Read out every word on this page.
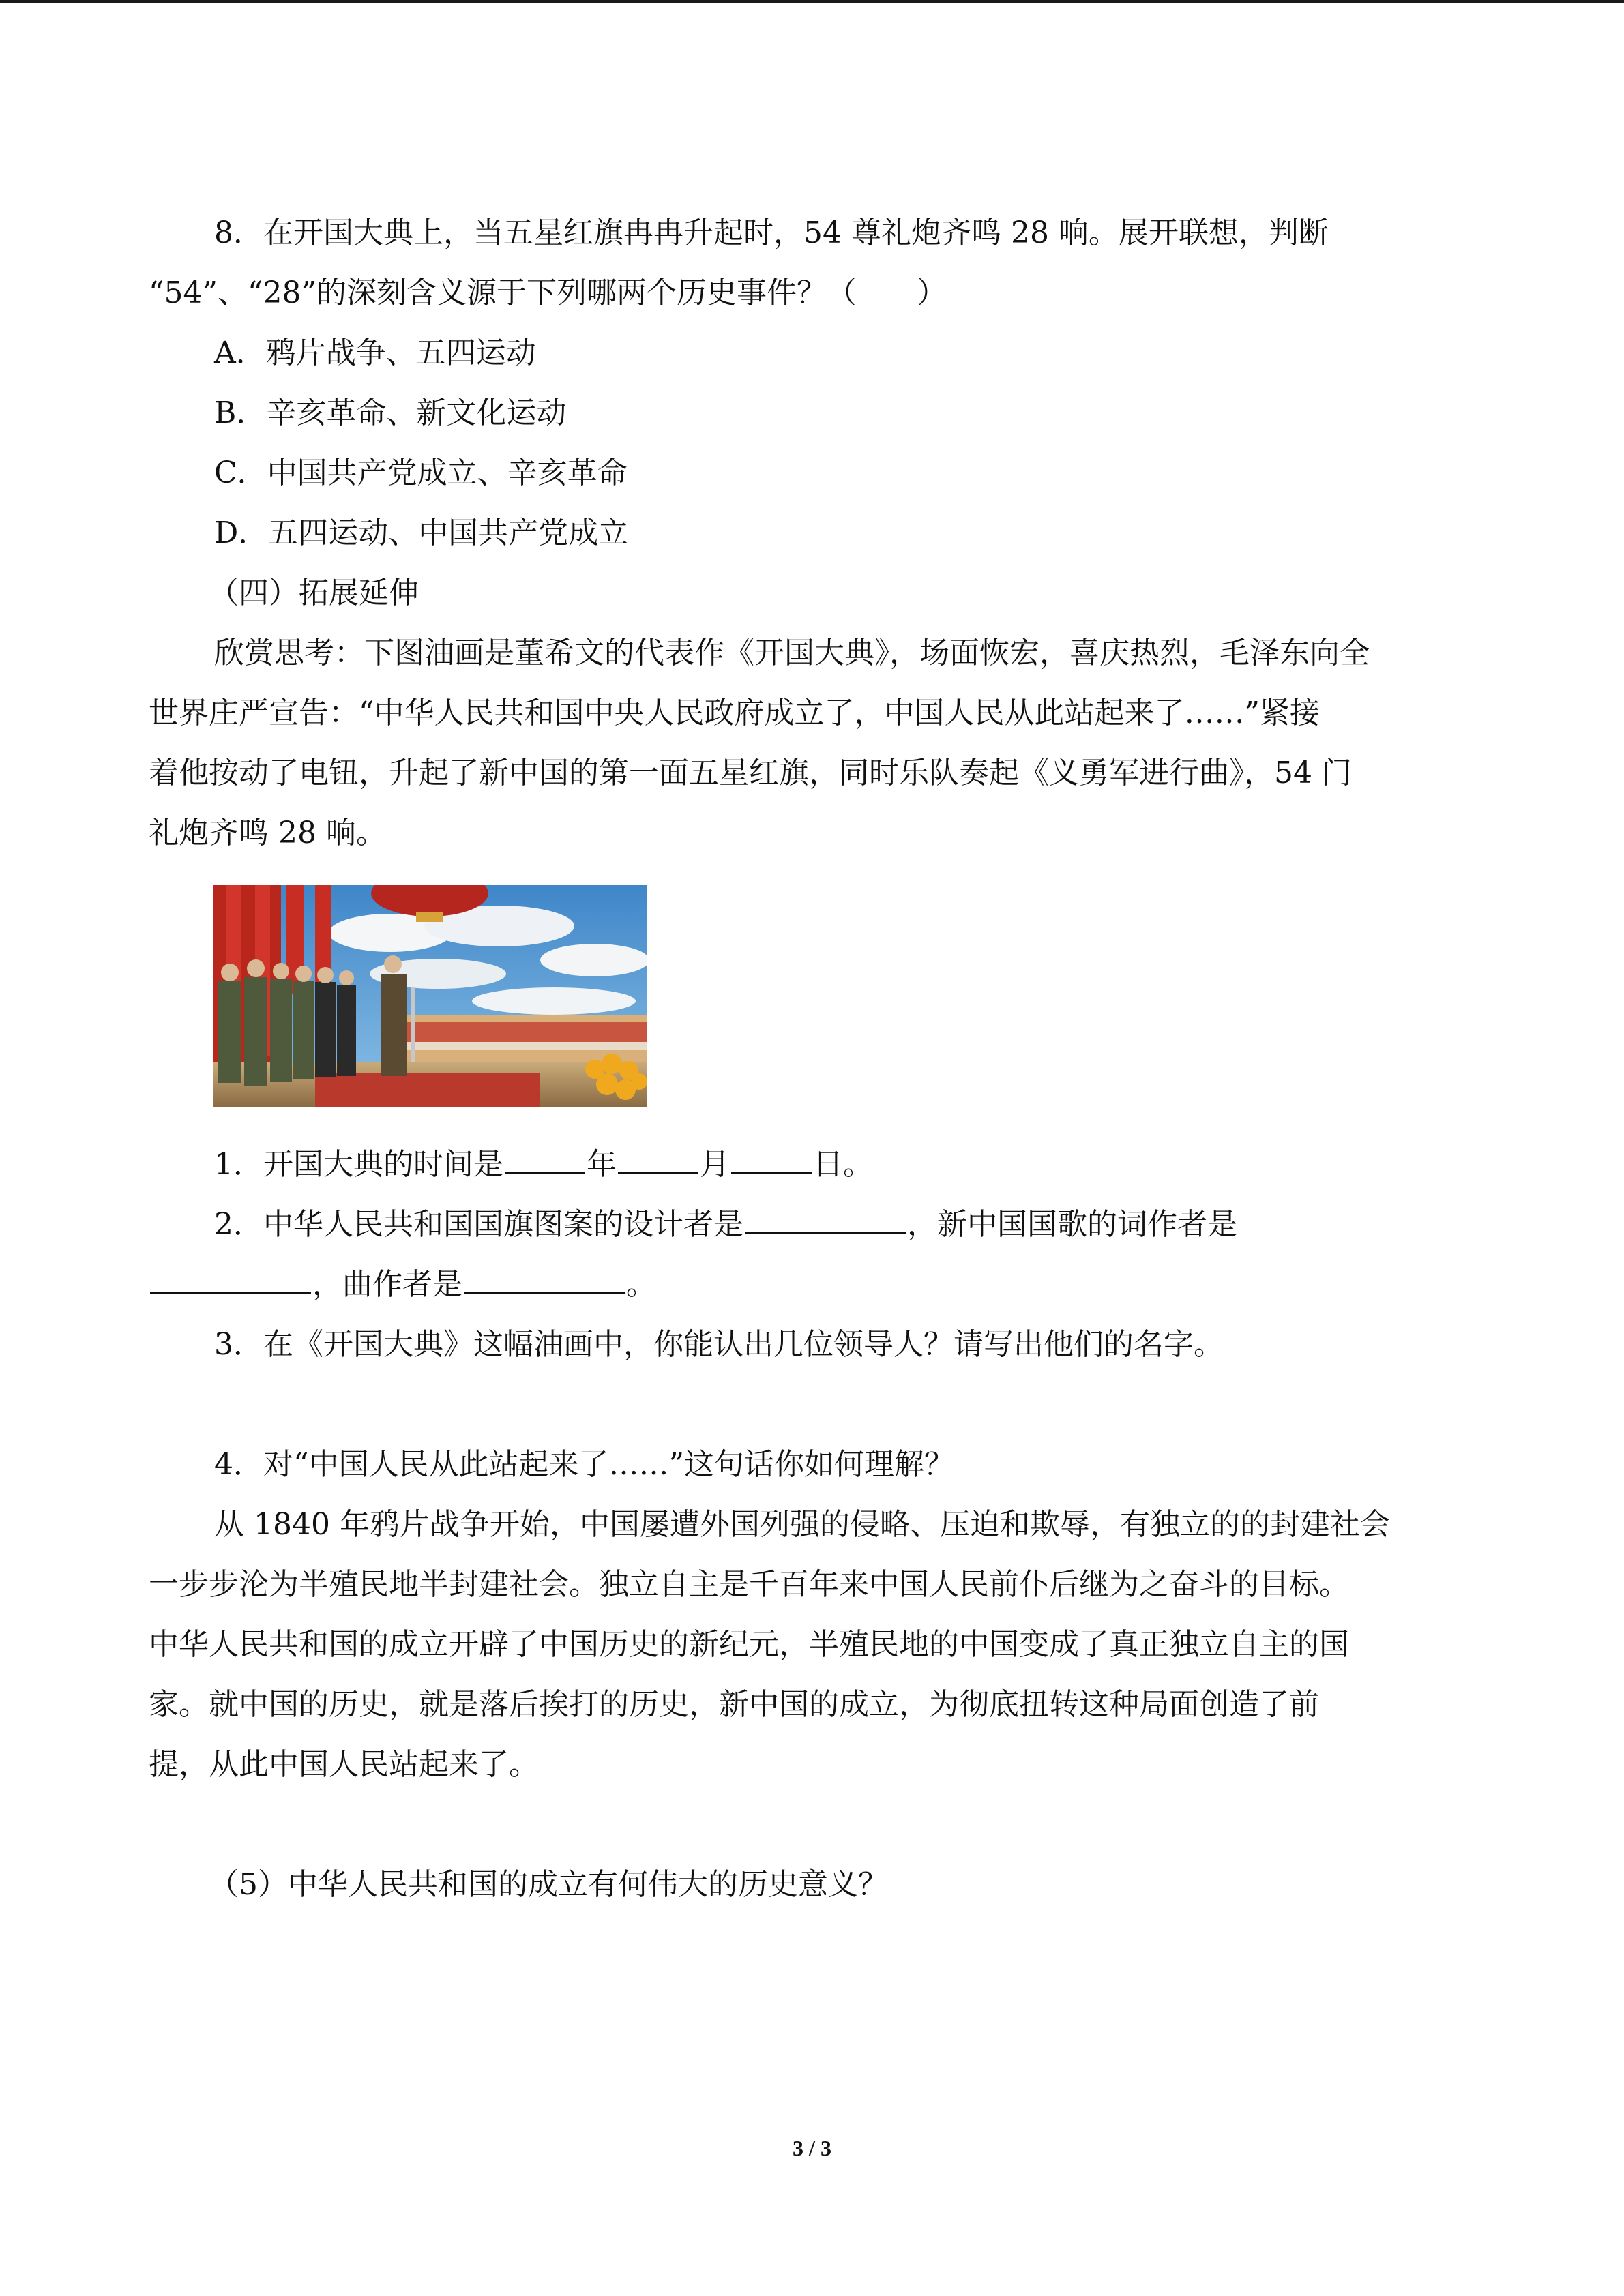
8．在开国大典上，当五星红旗冉冉升起时，54 尊礼炮齐鸣 28 响。展开联想，判断

“54”、“28”的深刻含义源于下列哪两个历史事件？（　　）

A．鸦片战争、五四运动

B．辛亥革命、新文化运动

C．中国共产党成立、辛亥革命

D．五四运动、中国共产党成立

（四）拓展延伸

欣赏思考：下图油画是董希文的代表作《开国大典》，场面恢宏，喜庆热烈，毛泽东向全

世界庄严宣告：“中华人民共和国中央人民政府成立了，中国人民从此站起来了……”紧接

着他按动了电钮，升起了新中国的第一面五星红旗，同时乐队奏起《义勇军进行曲》，54 门

礼炮齐鸣 28 响。

1．开国大典的时间是	年	月	日。

2．中华人民共和国国旗图案的设计者是	，新中国国歌的词作者是

，曲作者是	。

3．在《开国大典》这幅油画中，你能认出几位领导人？请写出他们的名字。

4．对“中国人民从此站起来了……”这句话你如何理解？

从 1840 年鸦片战争开始，中国屡遭外国列强的侵略、压迫和欺辱，有独立的的封建社会

一步步沦为半殖民地半封建社会。独立自主是千百年来中国人民前仆后继为之奋斗的目标。

中华人民共和国的成立开辟了中国历史的新纪元，半殖民地的中国变成了真正独立自主的国

家。就中国的历史，就是落后挨打的历史，新中国的成立，为彻底扭转这种局面创造了前

提，从此中国人民站起来了。

（5）中华人民共和国的成立有何伟大的历史意义？

3 / 3
